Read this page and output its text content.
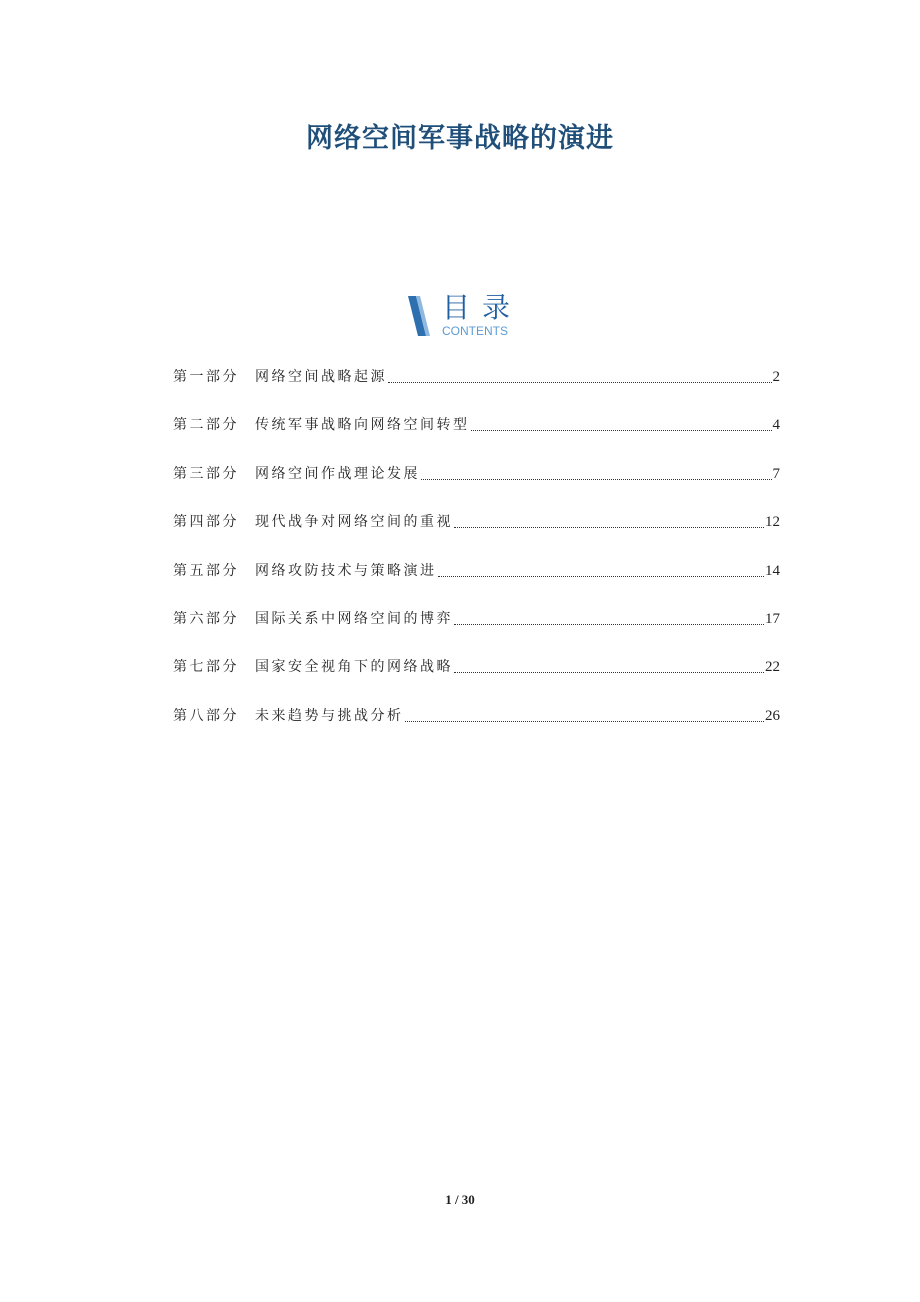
网络空间军事战略的演进
目录
CONTENTS
第一部分	网络空间战略起源	2
第二部分	传统军事战略向网络空间转型	4
第三部分	网络空间作战理论发展	7
第四部分	现代战争对网络空间的重视	12
第五部分	网络攻防技术与策略演进	14
第六部分	国际关系中网络空间的博弈	17
第七部分	国家安全视角下的网络战略	22
第八部分	未来趋势与挑战分析	26
1 / 30
